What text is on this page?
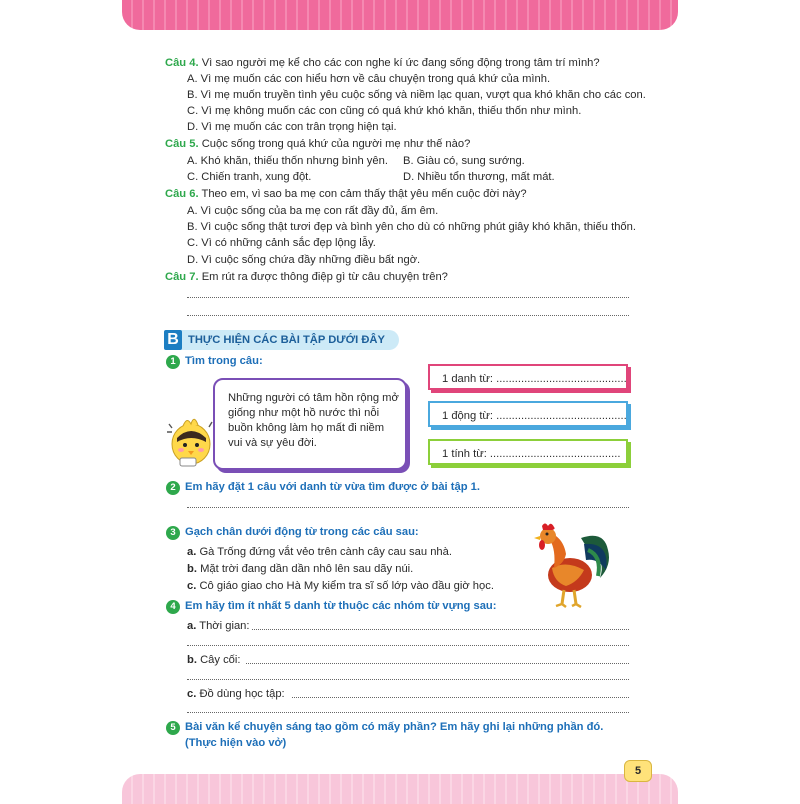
Câu 4. Vì sao người mẹ kể cho các con nghe kí ức đang sống động trong tâm trí mình?
A. Vì mẹ muốn các con hiểu hơn về câu chuyện trong quá khứ của mình.
B. Vì mẹ muốn truyền tình yêu cuộc sống và niềm lạc quan, vượt qua khó khăn cho các con.
C. Vì mẹ không muốn các con cũng có quá khứ khó khăn, thiếu thốn như mình.
D. Vì mẹ muốn các con trân trọng hiện tại.
Câu 5. Cuộc sống trong quá khứ của người mẹ như thế nào?
A. Khó khăn, thiếu thốn nhưng bình yên. B. Giàu có, sung sướng.
C. Chiến tranh, xung đột.	D. Nhiều tổn thương, mất mát.
Câu 6. Theo em, vì sao ba mẹ con cảm thấy thật yêu mến cuộc đời này?
A. Vì cuộc sống của ba mẹ con rất đầy đủ, ấm êm.
B. Vì cuộc sống thật tươi đẹp và bình yên cho dù có những phút giây khó khăn, thiếu thốn.
C. Vì có những cảnh sắc đẹp lộng lẫy.
D. Vì cuộc sống chứa đầy những điều bất ngờ.
Câu 7. Em rút ra được thông điệp gì từ câu chuyện trên?
THỰC HIỆN CÁC BÀI TẬP DƯỚI ĐÂY
B
1 Tìm trong câu:
Những người có tâm hồn rộng mở giống như một hồ nước thì nỗi buồn không làm họ mất đi niềm vui và sự yêu đời.
1 danh từ: ..........................................
1 động từ: ..........................................
1 tính từ: ..........................................
2 Em hãy đặt 1 câu với danh từ vừa tìm được ở bài tập 1.
3 Gạch chân dưới động từ trong các câu sau:
a. Gà Trống đứng vắt vẻo trên cành cây cau sau nhà.
b. Mặt trời đang dần dần nhô lên sau dãy núi.
c. Cô giáo giao cho Hà My kiểm tra sĩ số lớp vào đầu giờ học.
4 Em hãy tìm ít nhất 5 danh từ thuộc các nhóm từ vựng sau:
a. Thời gian:
b. Cây cối:
c. Đồ dùng học tập:
5 Bài văn kể chuyện sáng tạo gồm có mấy phần? Em hãy ghi lại những phần đó.
(Thực hiện vào vở)
5
